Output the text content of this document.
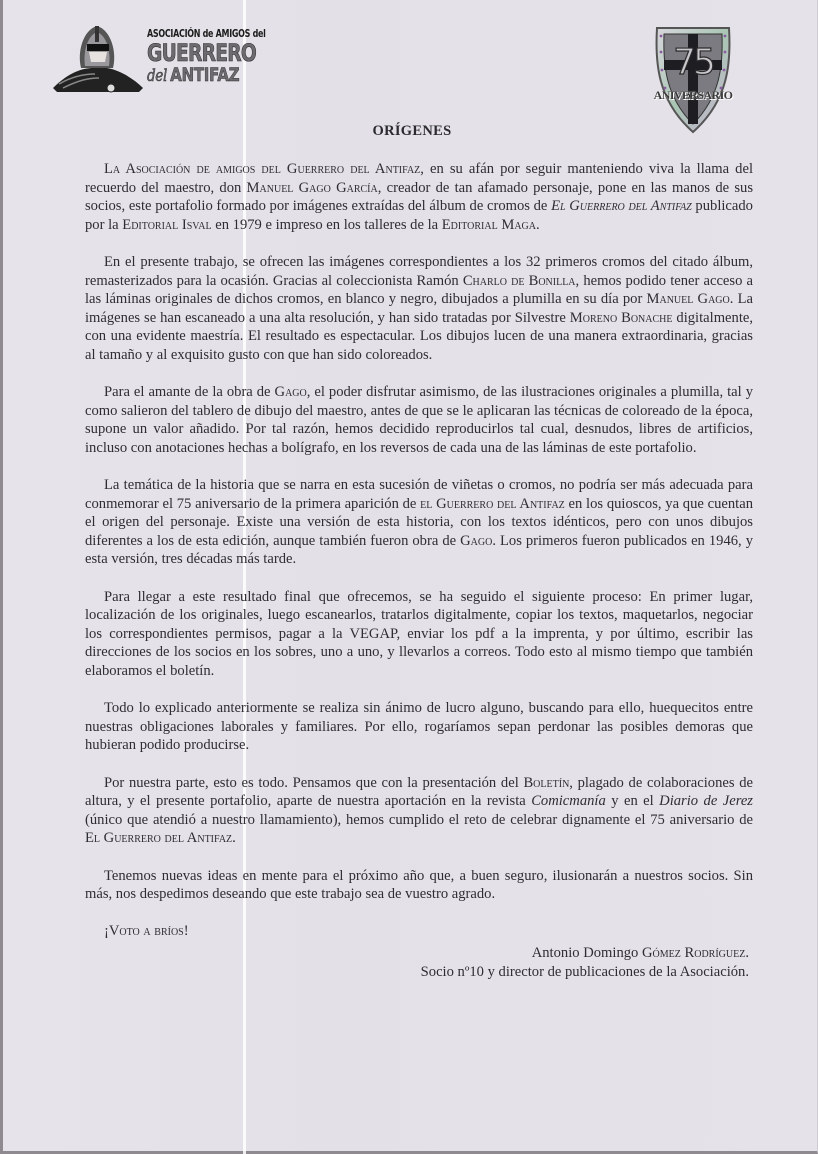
ASOCIACIÓN de AMIGOS del
GUERRERO
del ANTIFAZ	75
ANIVERSARIO
ORÍGENES

La Asociación de amigos del Guerrero del Antifaz, en su afán por seguir manteniendo viva la llama del recuerdo del maestro, don Manuel Gago García, creador de tan afamado personaje, pone en las manos de sus socios, este portafolio formado por imágenes extraídas del álbum de cromos de El Guerrero del Antifaz publicado por la Editorial Isval en 1979 e impreso en los talleres de la Editorial Maga.

En el presente trabajo, se ofrecen las imágenes correspondientes a los 32 primeros cromos del citado álbum, remasterizados para la ocasión. Gracias al coleccionista Ramón Charlo de Bonilla, hemos podido tener acceso a las láminas originales de dichos cromos, en blanco y negro, dibujados a plumilla en su día por Manuel Gago. La imágenes se han escaneado a una alta resolución, y han sido tratadas por Silvestre Moreno Bonache digitalmente, con una evidente maestría. El resultado es espectacular. Los dibujos lucen de una manera extraordinaria, gracias al tamaño y al exquisito gusto con que han sido coloreados.

Para el amante de la obra de Gago, el poder disfrutar asimismo, de las ilustraciones originales a plumilla, tal y como salieron del tablero de dibujo del maestro, antes de que se le aplicaran las técnicas de coloreado de la época, supone un valor añadido. Por tal razón, hemos decidido reproducirlos tal cual, desnudos, libres de artificios, incluso con anotaciones hechas a bolígrafo, en los reversos de cada una de las láminas de este portafolio.

La temática de la historia que se narra en esta sucesión de viñetas o cromos, no podría ser más adecuada para conmemorar el 75 aniversario de la primera aparición de el Guerrero del Antifaz en los quioscos, ya que cuentan el origen del personaje. Existe una versión de esta historia, con los textos idénticos, pero con unos dibujos diferentes a los de esta edición, aunque también fueron obra de Gago. Los primeros fueron publicados en 1946, y esta versión, tres décadas más tarde.

Para llegar a este resultado final que ofrecemos, se ha seguido el siguiente proceso: En primer lugar, localización de los originales, luego escanearlos, tratarlos digitalmente, copiar los textos, maquetarlos, negociar los correspondientes permisos, pagar a la VEGAP, enviar los pdf a la imprenta, y por último, escribir las direcciones de los socios en los sobres, uno a uno, y llevarlos a correos. Todo esto al mismo tiempo que también elaboramos el boletín.

Todo lo explicado anteriormente se realiza sin ánimo de lucro alguno, buscando para ello, huequecitos entre nuestras obligaciones laborales y familiares. Por ello, rogaríamos sepan perdonar las posibles demoras que hubieran podido producirse.

Por nuestra parte, esto es todo. Pensamos que con la presentación del Boletín, plagado de colaboraciones de altura, y el presente portafolio, aparte de nuestra aportación en la revista Comicmanía y en el Diario de Jerez (único que atendió a nuestro llamamiento), hemos cumplido el reto de celebrar dignamente el 75 aniversario de El Guerrero del Antifaz.

Tenemos nuevas ideas en mente para el próximo año que, a buen seguro, ilusionarán a nuestros socios. Sin más, nos despedimos deseando que este trabajo sea de vuestro agrado.

¡Voto a bríos!

Antonio Domingo Gómez Rodríguez.
Socio nº10 y director de publicaciones de la Asociación.
